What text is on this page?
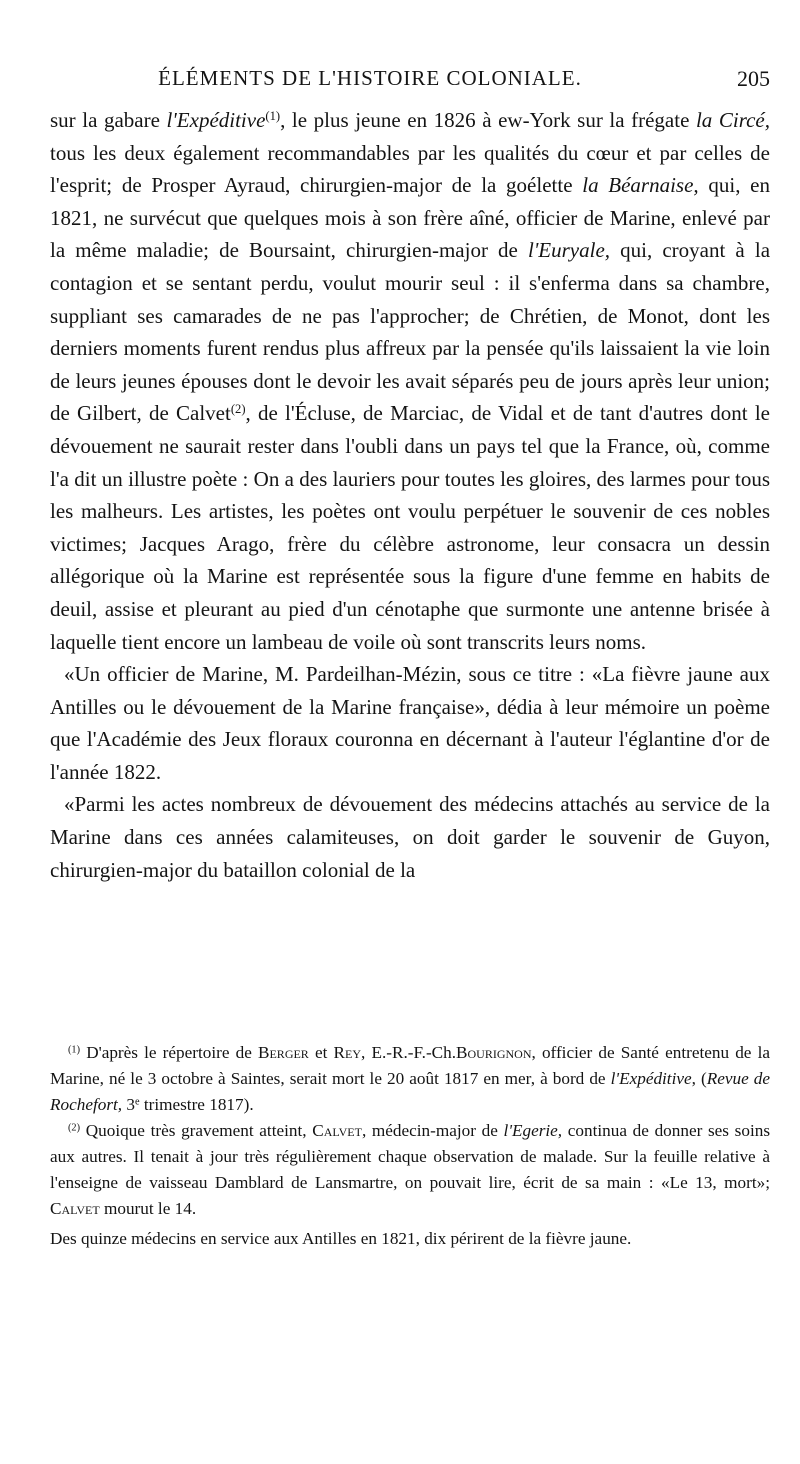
ÉLÉMENTS DE L'HISTOIRE COLONIALE.	205

sur la gabare l'Expéditive$^{(1)}$, le plus jeune en 1826 à ew-York sur la frégate la Circé, tous les deux également recommandables par les qualités du cœur et par celles de l'esprit; de Prosper Ayraud, chirurgien-major de la goélette la Béarnaise, qui, en 1821, ne survécut que quelques mois à son frère aîné, officier de Marine, enlevé par la même maladie; de Boursaint, chirurgien-major de l'Euryale, qui, croyant à la contagion et se sentant perdu, voulut mourir seul : il s'enferma dans sa chambre, suppliant ses camarades de ne pas l'approcher; de Chrétien, de Monot, dont les derniers moments furent rendus plus affreux par la pensée qu'ils laissaient la vie loin de leurs jeunes épouses dont le devoir les avait séparés peu de jours après leur union; de Gilbert, de Calvet$^{(2)}$, de l'Écluse, de Marciac, de Vidal et de tant d'autres dont le dévouement ne saurait rester dans l'oubli dans un pays tel que la France, où, comme l'a dit un illustre poète : On a des lauriers pour toutes les gloires, des larmes pour tous les malheurs. Les artistes, les poètes ont voulu perpétuer le souvenir de ces nobles victimes; Jacques Arago, frère du célèbre astronome, leur consacra un dessin allégorique où la Marine est représentée sous la figure d'une femme en habits de deuil, assise et pleurant au pied d'un cénotaphe que surmonte une antenne brisée à laquelle tient encore un lambeau de voile où sont transcrits leurs noms.

«Un officier de Marine, M. Pardeilhan-Mézin, sous ce titre : «La fièvre jaune aux Antilles ou le dévouement de la Marine française», dédia à leur mémoire un poème que l'Académie des Jeux floraux couronna en décernant à l'auteur l'églantine d'or de l'année 1822.

«Parmi les actes nombreux de dévouement des médecins attachés au service de la Marine dans ces années calamiteuses, on doit garder le souvenir de Guyon, chirurgien-major du bataillon colonial de la

$^{(1)}$ D'après le répertoire de Berger et Rey, E.-R.-F.-Ch.Bourignon, officier de Santé entretenu de la Marine, né le 3 octobre à Saintes, serait mort le 20 août 1817 en mer, à bord de l'Expéditive, (Revue de Rochefort, 3e trimestre 1817).

$^{(2)}$ Quoique très gravement atteint, Calvet, médecin-major de l'Egerie, continua de donner ses soins aux autres. Il tenait à jour très régulièrement chaque observation de malade. Sur la feuille relative à l'enseigne de vaisseau Damblard de Lansmartre, on pouvait lire, écrit de sa main : «Le 13, mort»; Calvet mourut le 14.

Des quinze médecins en service aux Antilles en 1821, dix périrent de la fièvre jaune.
